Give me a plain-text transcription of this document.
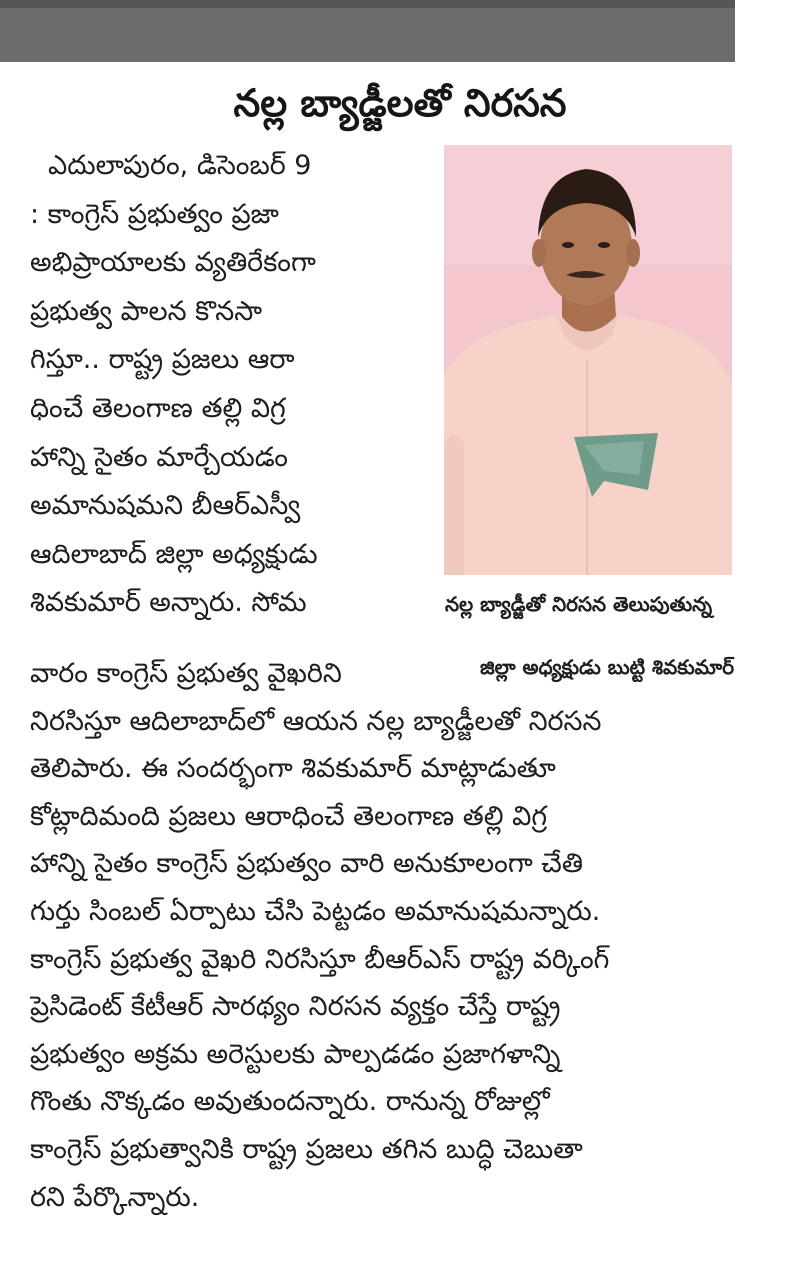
నల్ల బ్యాడ్జీలతో నిరసన
ఎదులాపురం, డిసెంబర్ 9
: కాంగ్రెస్ ప్రభుత్వం ప్రజా
అభిప్రాయాలకు వ్యతిరేకంగా
ప్రభుత్వ పాలన కొనసా
గిస్తూ.. రాష్ట్ర ప్రజలు ఆరా
ధించే తెలంగాణ తల్లి విగ్ర
హాన్ని సైతం మార్చేయడం
అమానుషమని బీఆర్ఎస్వీ
ఆదిలాబాద్ జిల్లా అధ్యక్షుడు
శివకుమార్ అన్నారు. సోమ	నల్ల బ్యాడ్జీతో నిరసన తెలుపుతున్న
జిల్లా అధ్యక్షుడు బుట్టి శివకుమార్
వారం కాంగ్రెస్ ప్రభుత్వ వైఖరిని
నిరసిస్తూ ఆదిలాబాద్‌లో ఆయన నల్ల బ్యాడ్జీలతో నిరసన
తెలిపారు. ఈ సందర్భంగా శివకుమార్ మాట్లాడుతూ
కోట్లాదిమంది ప్రజలు ఆరాధించే తెలంగాణ తల్లి విగ్ర
హాన్ని సైతం కాంగ్రెస్ ప్రభుత్వం వారి అనుకూలంగా చేతి
గుర్తు సింబల్ ఏర్పాటు చేసి పెట్టడం అమానుషమన్నారు.
కాంగ్రెస్ ప్రభుత్వ వైఖరి నిరసిస్తూ బీఆర్ఎస్ రాష్ట్ర వర్కింగ్
ప్రెసిడెంట్ కేటీఆర్ సారథ్యం నిరసన వ్యక్తం చేస్తే రాష్ట్ర
ప్రభుత్వం అక్రమ అరెస్టులకు పాల్పడడం ప్రజాగళాన్ని
గొంతు నొక్కడం అవుతుందన్నారు. రానున్న రోజుల్లో
కాంగ్రెస్ ప్రభుత్వానికి రాష్ట్ర ప్రజలు తగిన బుద్ధి చెబుతా
రని పేర్కొన్నారు.
